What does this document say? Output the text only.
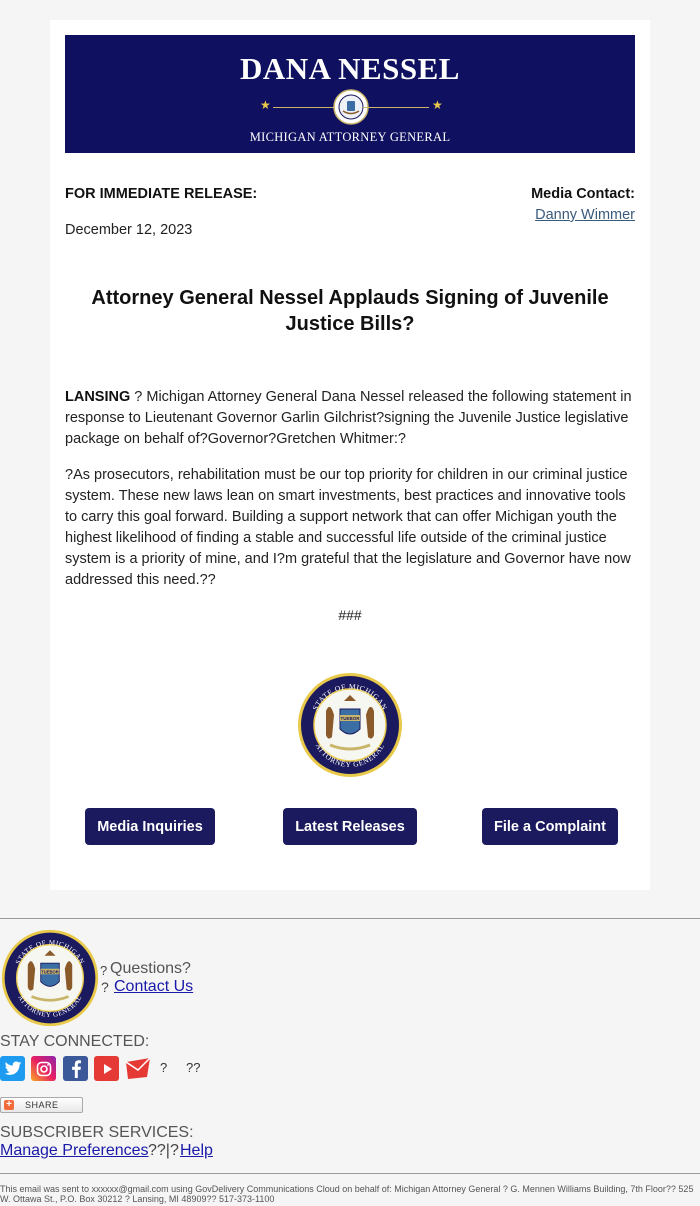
DANA NESSEL
★	★
MICHIGAN ATTORNEY GENERAL
FOR IMMEDIATE RELEASE:
December 12, 2023
Media Contact:
Danny Wimmer
Attorney General Nessel Applauds Signing of Juvenile Justice Bills?

LANSING ? Michigan Attorney General Dana Nessel released the following statement in response to Lieutenant Governor Garlin Gilchrist?signing the Juvenile Justice legislative package on behalf of?Governor?Gretchen Whitmer:?

?As prosecutors, rehabilitation must be our top priority for children in our criminal justice system. These new laws lean on smart investments, best practices and innovative tools to carry this goal forward. Building a support network that can offer Michigan youth the highest likelihood of finding a stable and successful life outside of the criminal justice system is a priority of mine, and I?m grateful that the legislature and Governor have now addressed this need.??

###
STATE OF MICHIGAN
ATTORNEY GENERAL
TUEBOR
Media Inquiries	Latest Releases	File a Complaint
STATE OF MICHIGAN
ATTORNEY GENERAL
TUEBOR	? Questions?
? Contact Us
STAY CONNECTED:
? ??
+ SHARE
SUBSCRIBER SERVICES:
Manage Preferences ??|? Help
This email was sent to xxxxxx@gmail.com using GovDelivery Communications Cloud on behalf of: Michigan Attorney General ? G. Mennen Williams Building, 7th Floor?? 525 W. Ottawa St., P.O. Box 30212 ? Lansing, MI 48909?? 517-373-1100
